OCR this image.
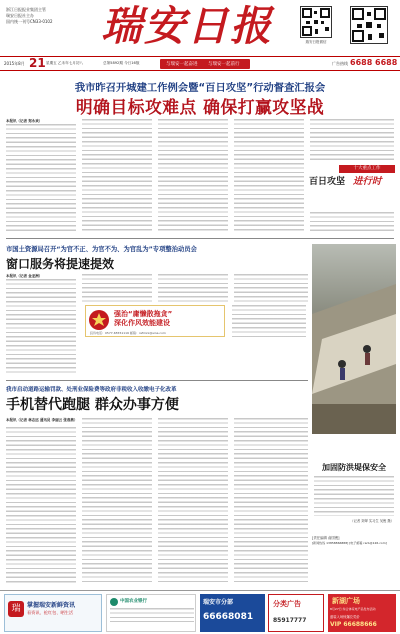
浙江日报报业集团主管
瑞安日报社主办
国内统一刊号CN33-0102	瑞安日报	瑞安日报微信
2015年8月 21 星期五 乙未年七月初八	总第5892期 今日16版	与瑞安一起奋进 与瑞安一起前行	广告热线 6688 6688
我市昨召开城建工作例会暨“百日攻坚”行动督查汇报会
明确目标攻难点 确保打赢攻坚战
本报讯（记者 郑永欢）
十大重点工作
百日攻坚 进行时
市国土资源局召开“为官不正、为官不为、为官乱为”专项整治动员会
窗口服务将提速提效
本报讯（记者 金亚洲）
强治“庸懒散拖贪”
深化作风效能建设
投诉电话：0577-65551116 邮箱：rafmzx@sina.com
我市启动道路运输罚款、处刑业保险费等政府非税收入收缴电子化改革
手机替代跑腿 群众办事方便
本报讯（记者 林志远 通讯员 李丽云 张春燕）
加固防洪堤保安全
（记者 刘婵 实习生 吴俊 摄）
[责任编辑 俞国俊]
[新闻热线 13858866888] [电子邮箱 rarb@126.com]
瑞	掌握瑞安新鲜资讯
看资讯、抢红包、晒生活
中国农业银行	瑞安市分部
66668081
分类广告
85917777
新湖广场
8月27日 综合体家电产品发布活动
盛装入场惊爆兑奖价
VIP 66688666
